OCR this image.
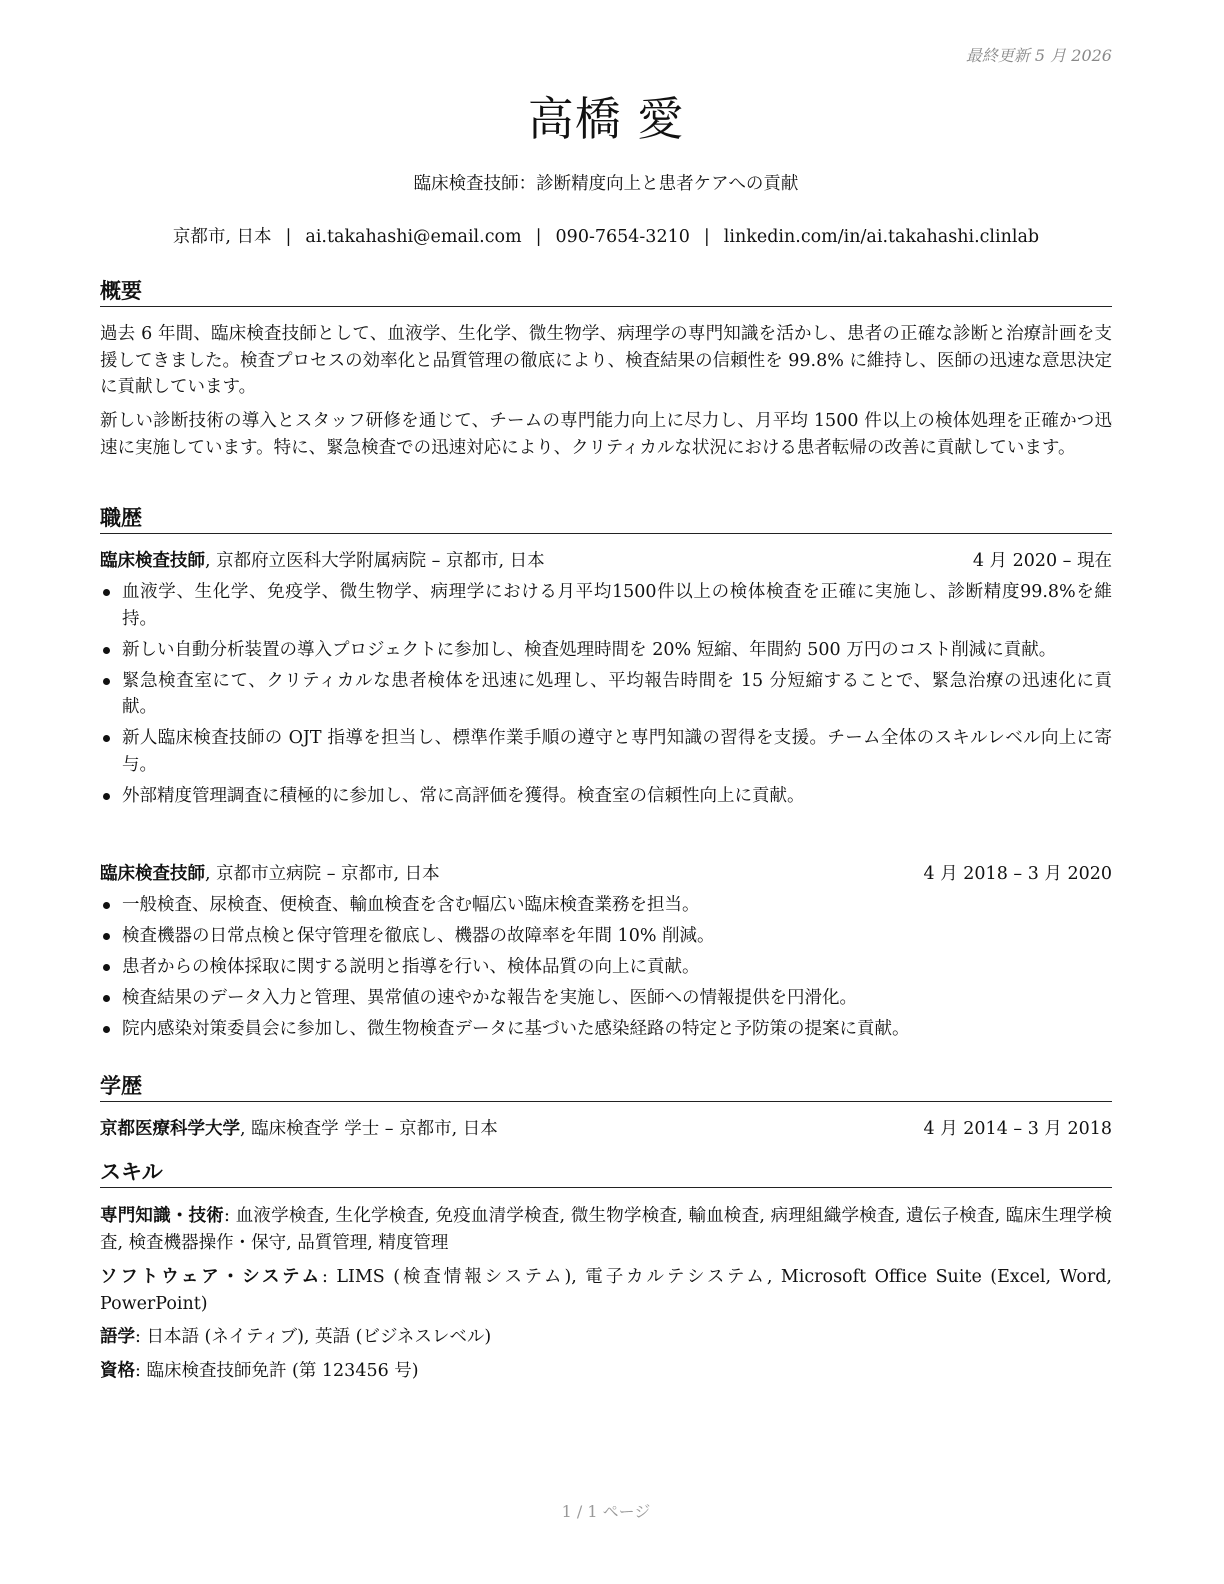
最終更新 5 月 2026
高橋 愛
臨床検査技師：診断精度向上と患者ケアへの貢献
京都市, 日本 | ai.takahashi@email.com | 090-7654-3210 | linkedin.com/in/ai.takahashi.clinlab
概要
過去 6 年間、臨床検査技師として、血液学、生化学、微生物学、病理学の専門知識を活かし、患者の正確な診断と治療計画を支援してきました。検査プロセスの効率化と品質管理の徹底により、検査結果の信頼性を 99.8% に維持し、医師の迅速な意思決定に貢献しています。
新しい診断技術の導入とスタッフ研修を通じて、チームの専門能力向上に尽力し、月平均 1500 件以上の検体処理を正確かつ迅速に実施しています。特に、緊急検査での迅速対応により、クリティカルな状況における患者転帰の改善に貢献しています。
職歴
臨床検査技師, 京都府立医科大学附属病院 – 京都市, 日本	4 月 2020 – 現在
血液学、生化学、免疫学、微生物学、病理学における月平均1500件以上の検体検査を正確に実施し、診断精度99.8%を維持。
新しい自動分析装置の導入プロジェクトに参加し、検査処理時間を 20% 短縮、年間約 500 万円のコスト削減に貢献。
緊急検査室にて、クリティカルな患者検体を迅速に処理し、平均報告時間を 15 分短縮することで、緊急治療の迅速化に貢献。
新人臨床検査技師の OJT 指導を担当し、標準作業手順の遵守と専門知識の習得を支援。チーム全体のスキルレベル向上に寄与。
外部精度管理調査に積極的に参加し、常に高評価を獲得。検査室の信頼性向上に貢献。
臨床検査技師, 京都市立病院 – 京都市, 日本	4 月 2018 – 3 月 2020
一般検査、尿検査、便検査、輸血検査を含む幅広い臨床検査業務を担当。
検査機器の日常点検と保守管理を徹底し、機器の故障率を年間 10% 削減。
患者からの検体採取に関する説明と指導を行い、検体品質の向上に貢献。
検査結果のデータ入力と管理、異常値の速やかな報告を実施し、医師への情報提供を円滑化。
院内感染対策委員会に参加し、微生物検査データに基づいた感染経路の特定と予防策の提案に貢献。
学歴
京都医療科学大学, 臨床検査学 学士 – 京都市, 日本	4 月 2014 – 3 月 2018
スキル
専門知識・技術: 血液学検査, 生化学検査, 免疫血清学検査, 微生物学検査, 輸血検査, 病理組織学検査, 遺伝子検査, 臨床生理学検査, 検査機器操作・保守, 品質管理, 精度管理
ソフトウェア・システム: LIMS (検査情報システム), 電子カルテシステム, Microsoft Office Suite (Excel, Word, PowerPoint)
語学: 日本語 (ネイティブ), 英語 (ビジネスレベル)
資格: 臨床検査技師免許 (第 123456 号)
1 / 1 ページ
